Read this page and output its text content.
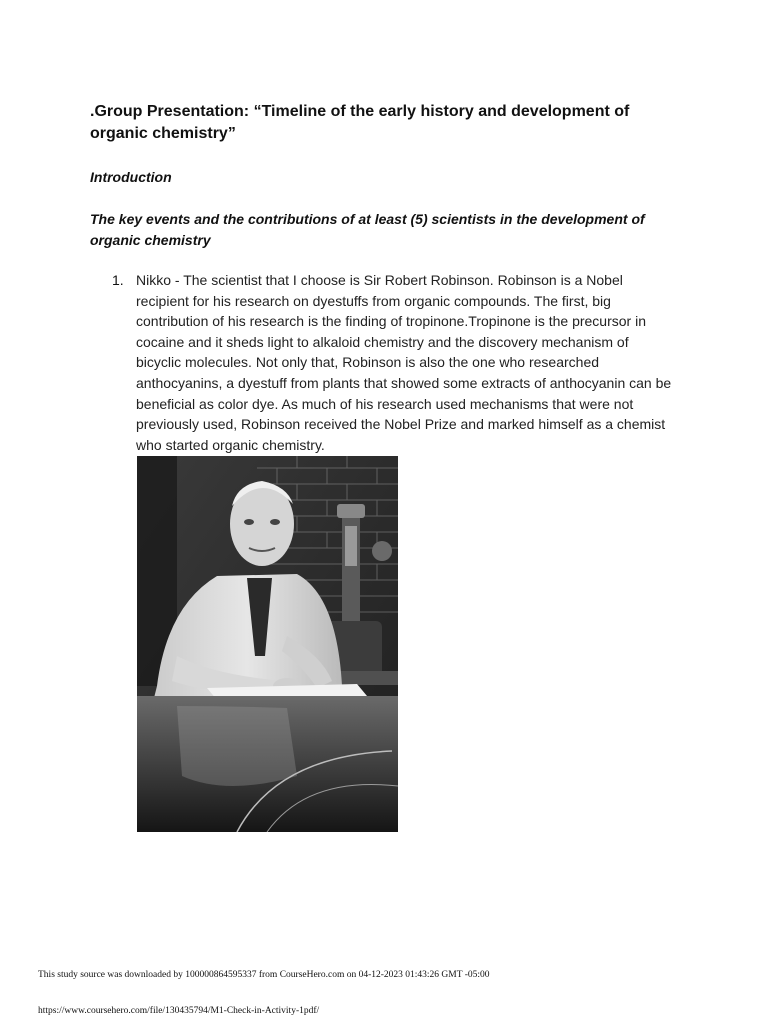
.Group Presentation: “Timeline of the early history and development of organic chemistry”
Introduction
The key events and the contributions of at least (5) scientists in the development of organic chemistry
1. Nikko - The scientist that I choose is Sir Robert Robinson. Robinson is a Nobel recipient for his research on dyestuffs from organic compounds. The first, big contribution of his research is the finding of tropinone.Tropinone is the precursor in cocaine and it sheds light to alkaloid chemistry and the discovery mechanism of bicyclic molecules. Not only that, Robinson is also the one who researched anthocyanins, a dyestuff from plants that showed some extracts of anthocyanin can be beneficial as color dye. As much of his research used mechanisms that were not previously used, Robinson received the Nobel Prize and marked himself as a chemist who started organic chemistry.

This study source was downloaded by 100000864595337 from CourseHero.com on 04-12-2023 01:43:26 GMT -05:00

https://www.coursehero.com/file/130435794/M1-Check-in-Activity-1pdf/
